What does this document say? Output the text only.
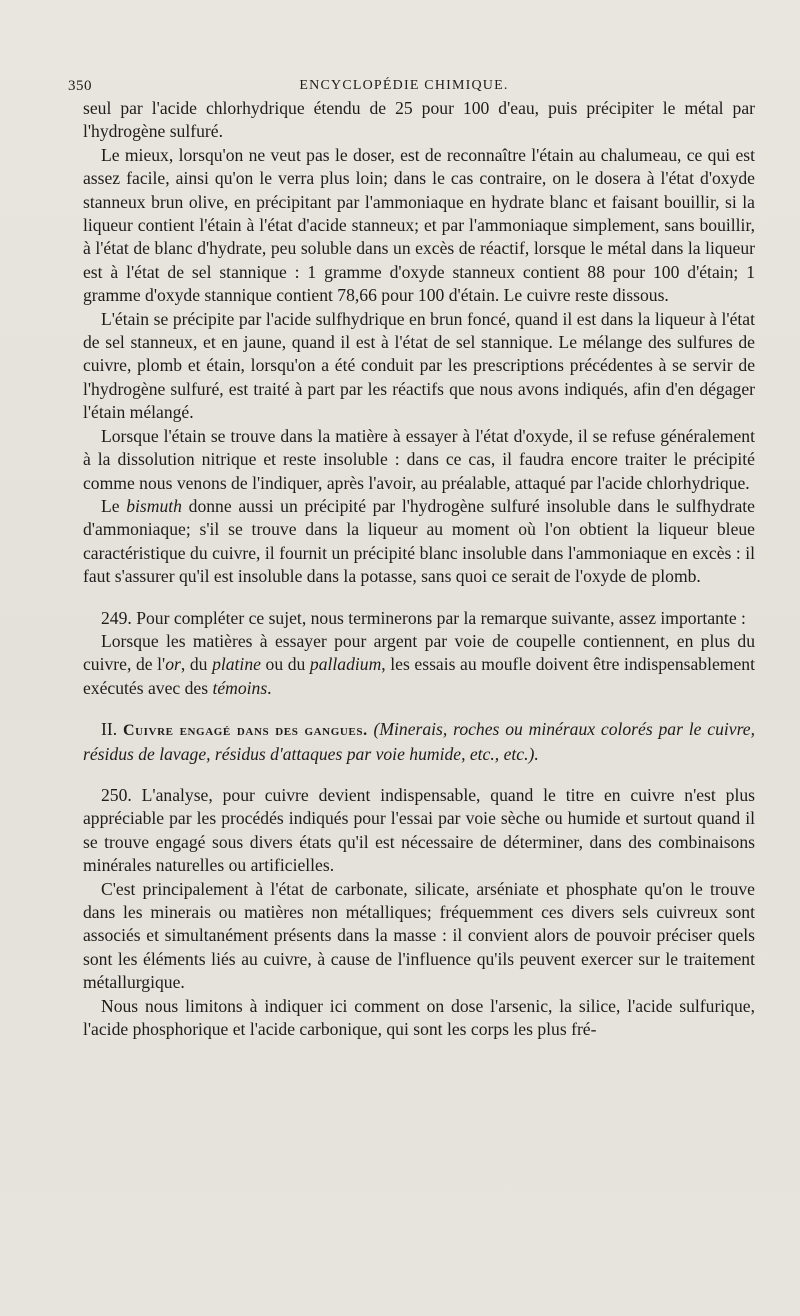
350	ENCYCLOPÉDIE CHIMIQUE.

seul par l'acide chlorhydrique étendu de 25 pour 100 d'eau, puis précipiter le métal par l'hydrogène sulfuré.

Le mieux, lorsqu'on ne veut pas le doser, est de reconnaître l'étain au chalumeau, ce qui est assez facile, ainsi qu'on le verra plus loin; dans le cas contraire, on le dosera à l'état d'oxyde stanneux brun olive, en précipitant par l'ammoniaque en hydrate blanc et faisant bouillir, si la liqueur contient l'étain à l'état d'acide stanneux; et par l'ammoniaque simplement, sans bouillir, à l'état de blanc d'hydrate, peu soluble dans un excès de réactif, lorsque le métal dans la liqueur est à l'état de sel stannique : 1 gramme d'oxyde stanneux contient 88 pour 100 d'étain; 1 gramme d'oxyde stannique contient 78,66 pour 100 d'étain. Le cuivre reste dissous.

L'étain se précipite par l'acide sulfhydrique en brun foncé, quand il est dans la liqueur à l'état de sel stanneux, et en jaune, quand il est à l'état de sel stannique. Le mélange des sulfures de cuivre, plomb et étain, lorsqu'on a été conduit par les prescriptions précédentes à se servir de l'hydrogène sulfuré, est traité à part par les réactifs que nous avons indiqués, afin d'en dégager l'étain mélangé.

Lorsque l'étain se trouve dans la matière à essayer à l'état d'oxyde, il se refuse généralement à la dissolution nitrique et reste insoluble : dans ce cas, il faudra encore traiter le précipité comme nous venons de l'indiquer, après l'avoir, au préalable, attaqué par l'acide chlorhydrique.

Le bismuth donne aussi un précipité par l'hydrogène sulfuré insoluble dans le sulfhydrate d'ammoniaque; s'il se trouve dans la liqueur au moment où l'on obtient la liqueur bleue caractéristique du cuivre, il fournit un précipité blanc insoluble dans l'ammoniaque en excès : il faut s'assurer qu'il est insoluble dans la potasse, sans quoi ce serait de l'oxyde de plomb.

249. Pour compléter ce sujet, nous terminerons par la remarque suivante, assez importante :

Lorsque les matières à essayer pour argent par voie de coupelle contiennent, en plus du cuivre, de l'or, du platine ou du palladium, les essais au moufle doivent être indispensablement exécutés avec des témoins.

II. Cuivre engagé dans des gangues. (Minerais, roches ou minéraux colorés par le cuivre, résidus de lavage, résidus d'attaques par voie humide, etc., etc.).

250. L'analyse, pour cuivre devient indispensable, quand le titre en cuivre n'est plus appréciable par les procédés indiqués pour l'essai par voie sèche ou humide et surtout quand il se trouve engagé sous divers états qu'il est nécessaire de déterminer, dans des combinaisons minérales naturelles ou artificielles.

C'est principalement à l'état de carbonate, silicate, arséniate et phosphate qu'on le trouve dans les minerais ou matières non métalliques; fréquemment ces divers sels cuivreux sont associés et simultanément présents dans la masse : il convient alors de pouvoir préciser quels sont les éléments liés au cuivre, à cause de l'influence qu'ils peuvent exercer sur le traitement métallurgique.

Nous nous limitons à indiquer ici comment on dose l'arsenic, la silice, l'acide sulfurique, l'acide phosphorique et l'acide carbonique, qui sont les corps les plus fré-
